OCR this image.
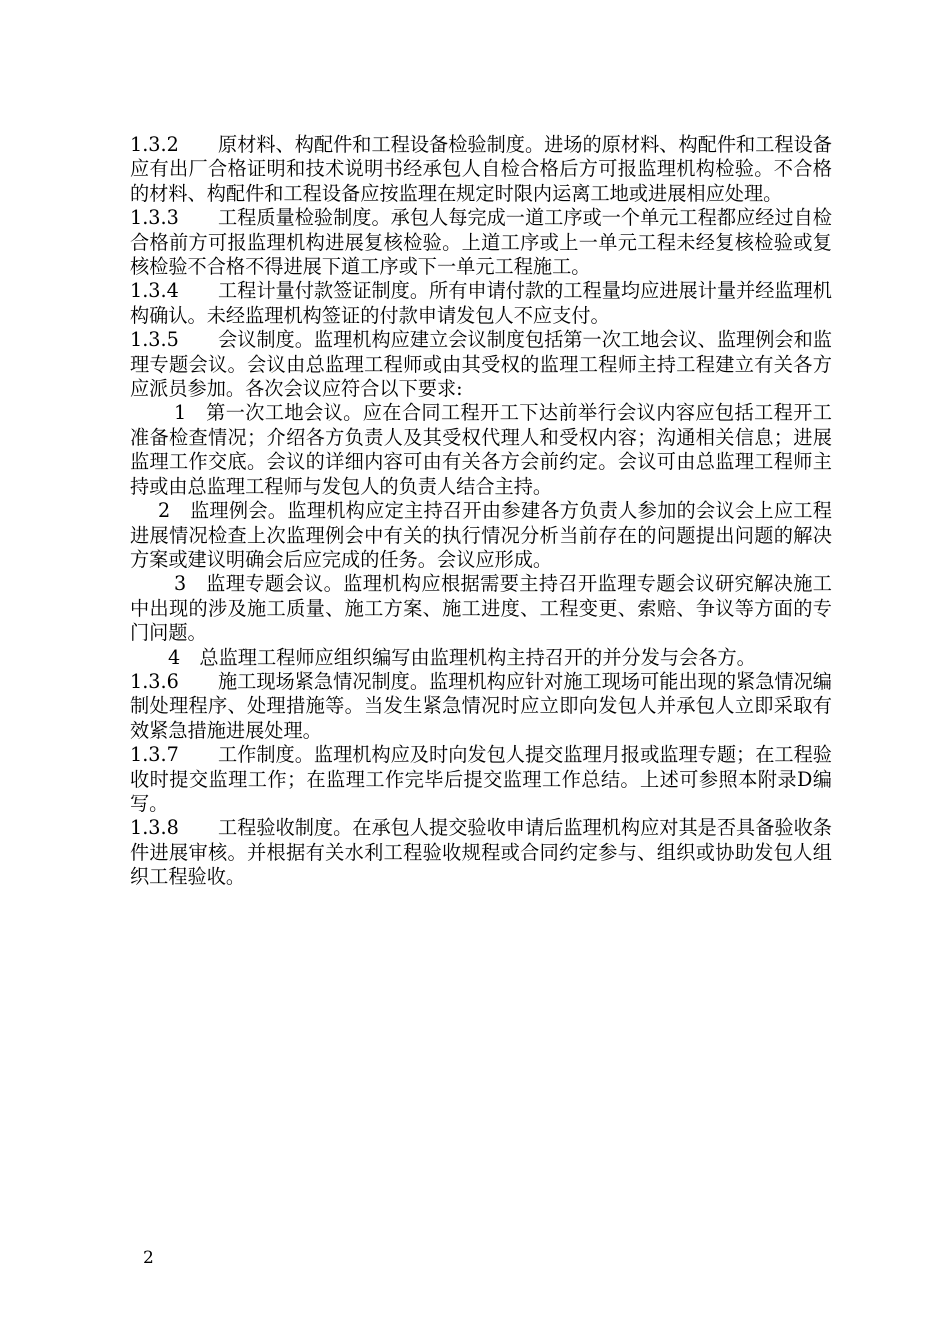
1.3.2 原材料、构配件和工程设备检验制度。进场的原材料、构配件和工程设备应有出厂合格证明和技术说明书经承包人自检合格后方可报监理机构检验。不合格的材料、构配件和工程设备应按监理在规定时限内运离工地或进展相应处理。

1.3.3 工程质量检验制度。承包人每完成一道工序或一个单元工程都应经过自检合格前方可报监理机构进展复核检验。上道工序或上一单元工程未经复核检验或复核检验不合格不得进展下道工序或下一单元工程施工。

1.3.4 工程计量付款签证制度。所有申请付款的工程量均应进展计量并经监理机构确认。未经监理机构签证的付款申请发包人不应支付。

1.3.5 会议制度。监理机构应建立会议制度包括第一次工地会议、监理例会和监理专题会议。会议由总监理工程师或由其受权的监理工程师主持工程建立有关各方应派员参加。各次会议应符合以下要求:

1　第一次工地会议。应在合同工程开工下达前举行会议内容应包括工程开工准备检查情况；介绍各方负责人及其受权代理人和受权内容；沟通相关信息；进展监理工作交底。会议的详细内容可由有关各方会前约定。会议可由总监理工程师主持或由总监理工程师与发包人的负责人结合主持。

2　监理例会。监理机构应定主持召开由参建各方负责人参加的会议会上应工程进展情况检查上次监理例会中有关的执行情况分析当前存在的问题提出问题的解决方案或建议明确会后应完成的任务。会议应形成。

3　监理专题会议。监理机构应根据需要主持召开监理专题会议研究解决施工中出现的涉及施工质量、施工方案、施工进度、工程变更、索赔、争议等方面的专门问题。

4　总监理工程师应组织编写由监理机构主持召开的并分发与会各方。

1.3.6 施工现场紧急情况制度。监理机构应针对施工现场可能出现的紧急情况编制处理程序、处理措施等。当发生紧急情况时应立即向发包人并承包人立即采取有效紧急措施进展处理。

1.3.7 工作制度。监理机构应及时向发包人提交监理月报或监理专题；在工程验收时提交监理工作；在监理工作完毕后提交监理工作总结。上述可参照本附录D编写。

1.3.8 工程验收制度。在承包人提交验收申请后监理机构应对其是否具备验收条件进展审核。并根据有关水利工程验收规程或合同约定参与、组织或协助发包人组织工程验收。

2
